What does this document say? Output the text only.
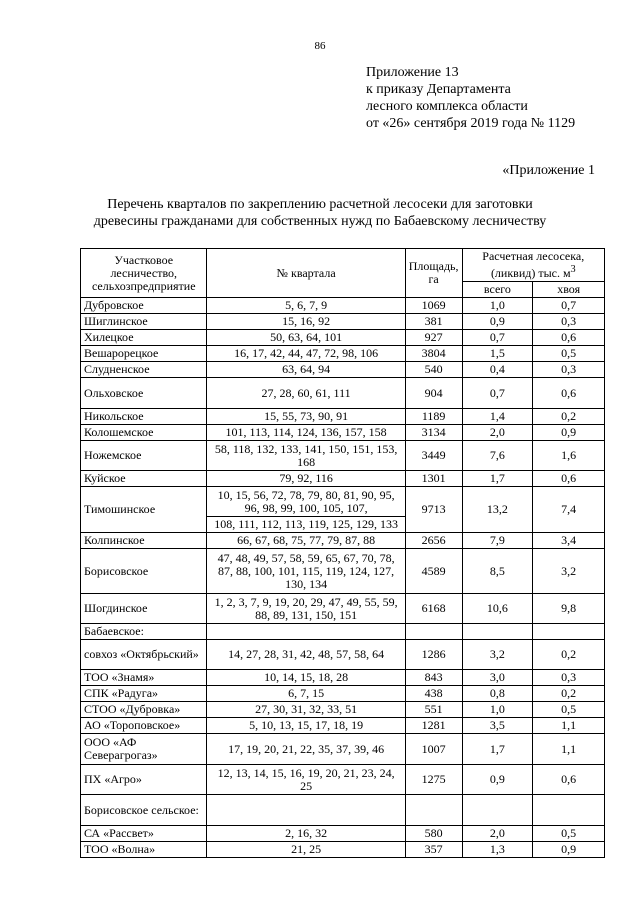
86
Приложение 13
к приказу Департамента
лесного комплекса области
от «26» сентября 2019 года № 1129
«Приложение 1
Перечень кварталов по закреплению расчетной лесосеки для заготовки
древесины гражданами для собственных нужд по Бабаевскому лесничеству
Участковое лесничество, сельхозпредприятие	№ квартала	Площадь, га	Расчетная лесосека, (ликвид) тыс. $м^3$
			всего	хвоя
Дубровское	5, 6, 7, 9	1069	1,0	0,7
Шиглинское	15, 16, 92	381	0,9	0,3
Хилецкое	50, 63, 64, 101	927	0,7	0,6
Вешарорецкое	16, 17, 42, 44, 47, 72, 98, 106	3804	1,5	0,5
Слудненское	63, 64, 94	540	0,4	0,3
Ольховское	27, 28, 60, 61, 111	904	0,7	0,6
Никольское	15, 55, 73, 90, 91	1189	1,4	0,2
Колошемское	101, 113, 114, 124, 136, 157, 158	3134	2,0	0,9
Ножемское	58, 118, 132, 133, 141, 150, 151, 153, 168	3449	7,6	1,6
Куйское	79, 92, 116	1301	1,7	0,6
Тимошинское	10, 15, 56, 72, 78, 79, 80, 81, 90, 95, 96, 98, 99, 100, 105, 107,	9713	13,2	7,4
	108, 111, 112, 113, 119, 125, 129, 133			
Колпинское	66, 67, 68, 75, 77, 79, 87, 88	2656	7,9	3,4
Борисовское	47, 48, 49, 57, 58, 59, 65, 67, 70, 78, 87, 88, 100, 101, 115, 119, 124, 127, 130, 134	4589	8,5	3,2
Шогдинское	1, 2, 3, 7, 9, 19, 20, 29, 47, 49, 55, 59, 88, 89, 131, 150, 151	6168	10,6	9,8
Бабаевское:				
совхоз «Октябрьский»	14, 27, 28, 31, 42, 48, 57, 58, 64	1286	3,2	0,2
ТОО «Знамя»	10, 14, 15, 18, 28	843	3,0	0,3
СПК «Радуга»	6, 7, 15	438	0,8	0,2
СТОО «Дубровка»	27, 30, 31, 32, 33, 51	551	1,0	0,5
АО «Тороповское»	5, 10, 13, 15, 17, 18, 19	1281	3,5	1,1
ООО «АФ Северагрогаз»	17, 19, 20, 21, 22, 35, 37, 39, 46	1007	1,7	1,1
ПХ «Агро»	12, 13, 14, 15, 16, 19, 20, 21, 23, 24, 25	1275	0,9	0,6
Борисовское сельское:				
СА «Рассвет»	2, 16, 32	580	2,0	0,5
ТОО «Волна»	21, 25	357	1,3	0,9
